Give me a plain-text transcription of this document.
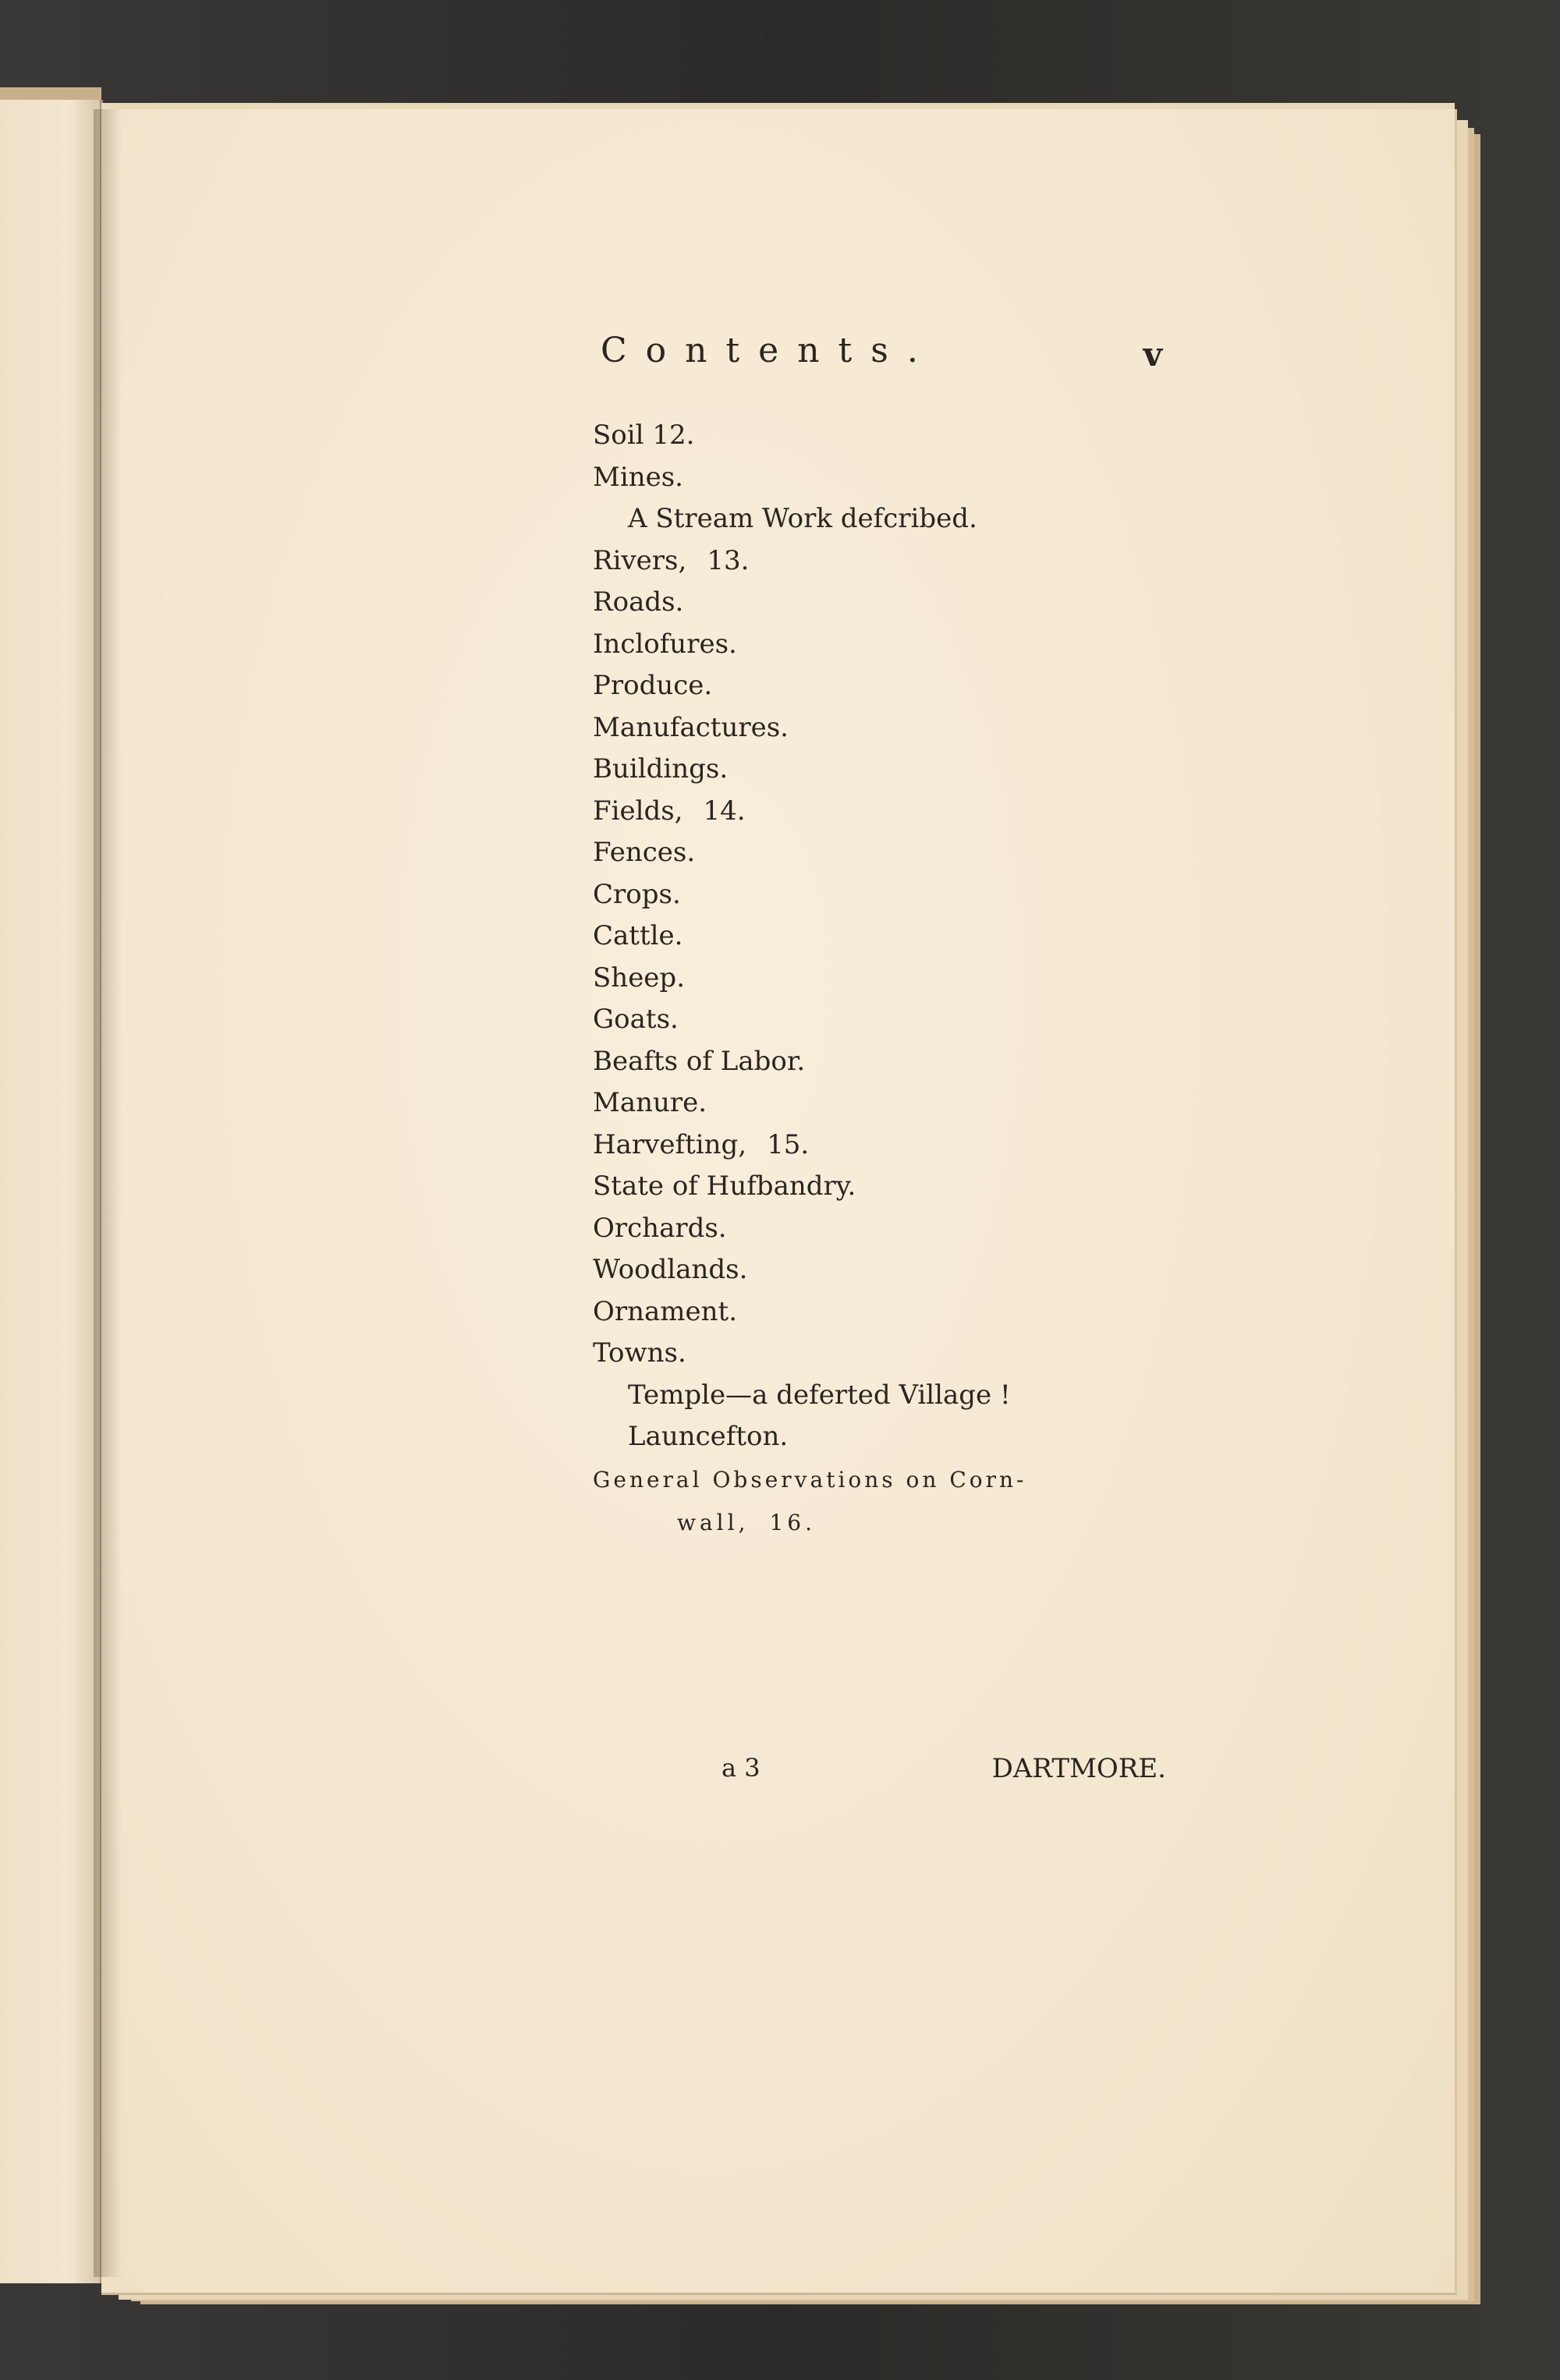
Contents.	v
Soil 12.
Mines.
A Stream Work defcribed.
Rivers, 13.
Roads.
Inclofures.
Produce.
Manufactures.
Buildings.
Fields, 14.
Fences.
Crops.
Cattle.
Sheep.
Goats.
Beafts of Labor.
Manure.
Harvefting, 15.
State of Hufbandry.
Orchards.
Woodlands.
Ornament.
Towns.
Temple—a deferted Village !
Launcefton.
General Observations on Corn-
wall, 16.
a 3	DARTMORE.
